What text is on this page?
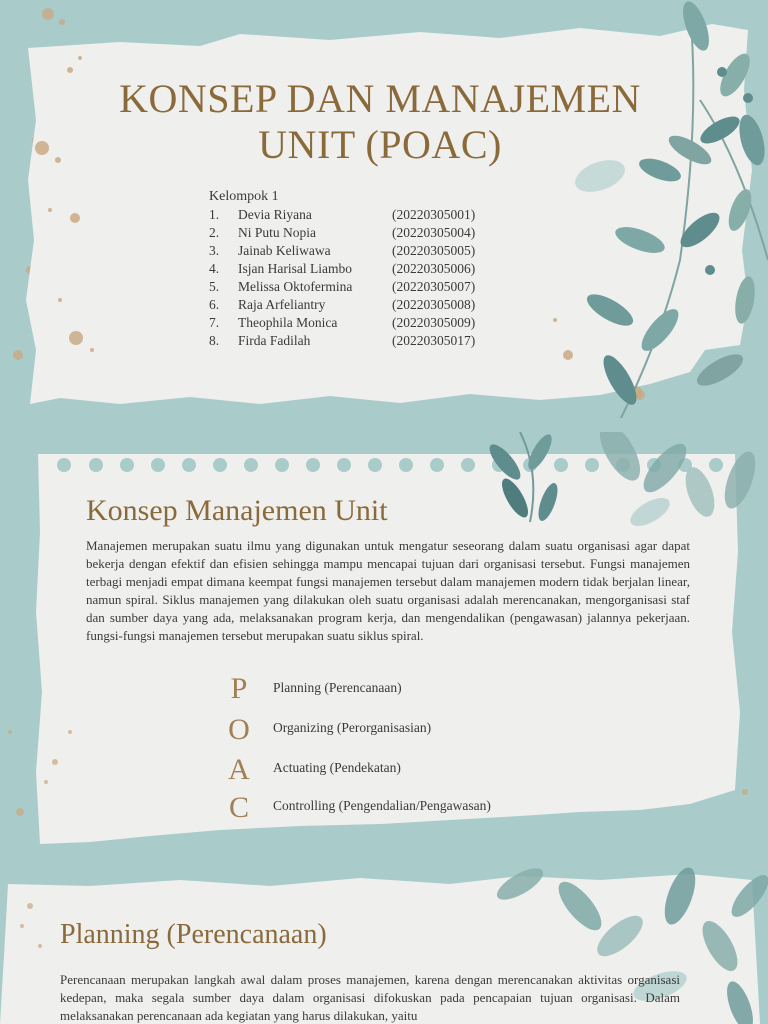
KONSEP DAN MANAJEMEN
UNIT (POAC)
Kelompok 1
1.	Devia Riyana	(20220305001)
2.	Ni Putu Nopia	(20220305004)
3.	Jainab Keliwawa	(20220305005)
4.	Isjan Harisal Liambo	(20220305006)
5.	Melissa Oktofermina	(20220305007)
6.	Raja Arfeliantry	(20220305008)
7.	Theophila Monica	(20220305009)
8.	Firda Fadilah	(20220305017)
Konsep Manajemen Unit
Manajemen merupakan suatu ilmu yang digunakan untuk mengatur seseorang dalam suatu organisasi agar dapat bekerja dengan efektif dan efisien sehingga mampu mencapai tujuan dari organisasi tersebut. Fungsi manajemen terbagi menjadi empat dimana keempat fungsi manajemen tersebut dalam manajemen modern tidak berjalan linear, namun spiral. Siklus manajemen yang dilakukan oleh suatu organisasi adalah merencanakan, mengorganisasi staf dan sumber daya yang ada, melaksanakan program kerja, dan mengendalikan (pengawasan) jalannya pekerjaan. fungsi-fungsi manajemen tersebut merupakan suatu siklus spiral.
P	Planning (Perencanaan)
O Organizing (Perorganisasian)
A Actuating (Pendekatan)
C Controlling (Pengendalian/Pengawasan)
Planning (Perencanaan)
Perencanaan merupakan langkah awal dalam proses manajemen, karena dengan merencanakan aktivitas organisasi kedepan, maka segala sumber daya dalam organisasi difokuskan pada pencapaian tujuan organisasi. Dalam melaksanakan perencanaan ada kegiatan yang harus dilakukan, yaitu
